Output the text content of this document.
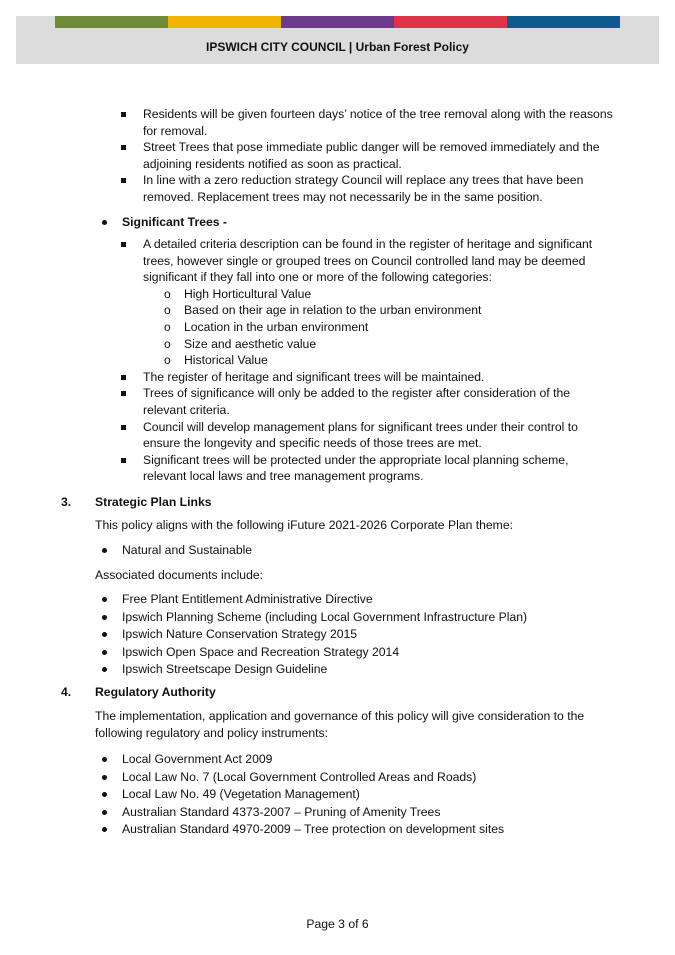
IPSWICH CITY COUNCIL | Urban Forest Policy
Residents will be given fourteen days’ notice of the tree removal along with the reasons for removal.
Street Trees that pose immediate public danger will be removed immediately and the adjoining residents notified as soon as practical.
In line with a zero reduction strategy Council will replace any trees that have been removed. Replacement trees may not necessarily be in the same position.
Significant Trees -
A detailed criteria description can be found in the register of heritage and significant trees, however single or grouped trees on Council controlled land may be deemed significant if they fall into one or more of the following categories:
o High Horticultural Value
o Based on their age in relation to the urban environment
o Location in the urban environment
o Size and aesthetic value
o Historical Value
The register of heritage and significant trees will be maintained.
Trees of significance will only be added to the register after consideration of the relevant criteria.
Council will develop management plans for significant trees under their control to ensure the longevity and specific needs of those trees are met.
Significant trees will be protected under the appropriate local planning scheme, relevant local laws and tree management programs.
3. Strategic Plan Links
This policy aligns with the following iFuture 2021-2026 Corporate Plan theme:
Natural and Sustainable
Associated documents include:
Free Plant Entitlement Administrative Directive
Ipswich Planning Scheme (including Local Government Infrastructure Plan)
Ipswich Nature Conservation Strategy 2015
Ipswich Open Space and Recreation Strategy 2014
Ipswich Streetscape Design Guideline
4. Regulatory Authority
The implementation, application and governance of this policy will give consideration to the following regulatory and policy instruments:
Local Government Act 2009
Local Law No. 7 (Local Government Controlled Areas and Roads)
Local Law No. 49 (Vegetation Management)
Australian Standard 4373-2007 – Pruning of Amenity Trees
Australian Standard 4970-2009 – Tree protection on development sites
Page 3 of 6
